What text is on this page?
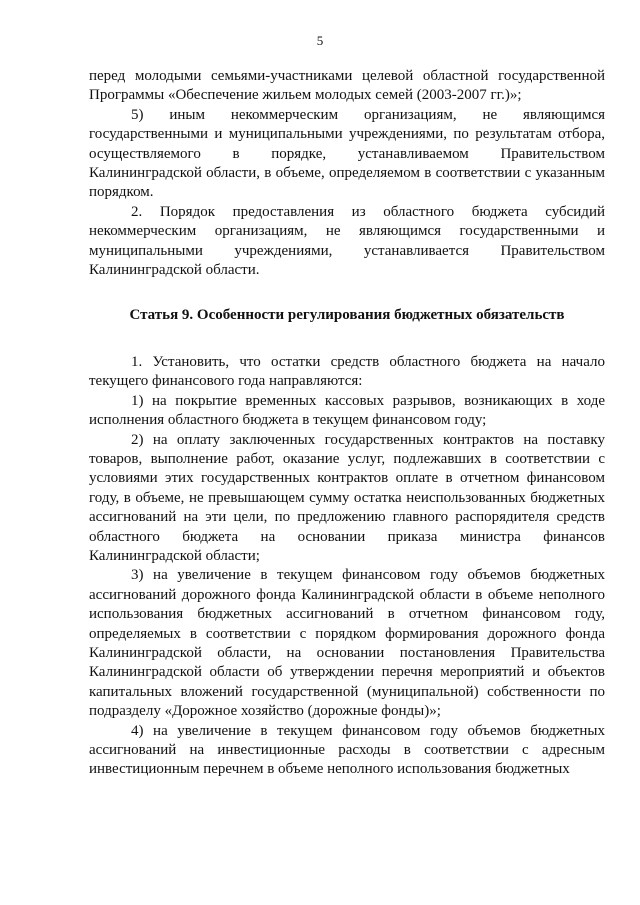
5

перед молодыми семьями-участниками целевой областной государственной Программы «Обеспечение жильем молодых семей (2003-2007 гг.)»;

5) иным некоммерческим организациям, не являющимся государственными и муниципальными учреждениями, по результатам отбора, осуществляемого в порядке, устанавливаемом Правительством Калининградской области, в объеме, определяемом в соответствии с указанным порядком.

2. Порядок предоставления из областного бюджета субсидий некоммерческим организациям, не являющимся государственными и муниципальными учреждениями, устанавливается Правительством Калининградской области.

Статья 9. Особенности регулирования бюджетных обязательств

1. Установить, что остатки средств областного бюджета на начало текущего финансового года направляются:

1) на покрытие временных кассовых разрывов, возникающих в ходе исполнения областного бюджета в текущем финансовом году;

2) на оплату заключенных государственных контрактов на поставку товаров, выполнение работ, оказание услуг, подлежавших в соответствии с условиями этих государственных контрактов оплате в отчетном финансовом году, в объеме, не превышающем сумму остатка неиспользованных бюджетных ассигнований на эти цели, по предложению главного распорядителя средств областного бюджета на основании приказа министра финансов Калининградской области;

3) на увеличение в текущем финансовом году объемов бюджетных ассигнований дорожного фонда Калининградской области в объеме неполного использования бюджетных ассигнований в отчетном финансовом году, определяемых в соответствии с порядком формирования дорожного фонда Калининградской области, на основании постановления Правительства Калининградской области об утверждении перечня мероприятий и объектов капитальных вложений государственной (муниципальной) собственности по подразделу «Дорожное хозяйство (дорожные фонды)»;

4) на увеличение в текущем финансовом году объемов бюджетных ассигнований на инвестиционные расходы в соответствии с адресным инвестиционным перечнем в объеме неполного использования бюджетных
